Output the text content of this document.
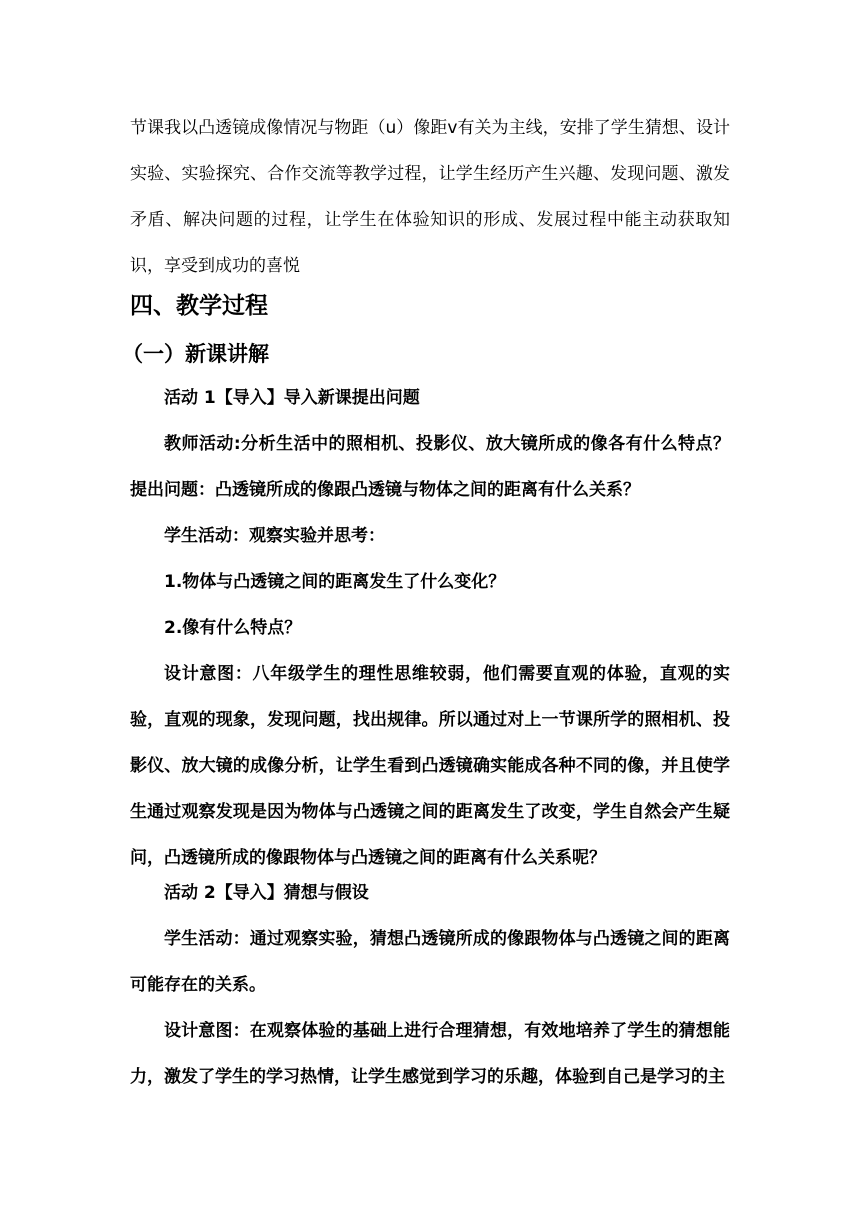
节课我以凸透镜成像情况与物距（u）像距v有关为主线，安排了学生猜想、设计实验、实验探究、合作交流等教学过程，让学生经历产生兴趣、发现问题、激发矛盾、解决问题的过程，让学生在体验知识的形成、发展过程中能主动获取知识，享受到成功的喜悦

四、教学过程
（一）新课讲解

活动 1【导入】导入新课提出问题

教师活动:分析生活中的照相机、投影仪、放大镜所成的像各有什么特点？提出问题：凸透镜所成的像跟凸透镜与物体之间的距离有什么关系？

学生活动：观察实验并思考：

1.物体与凸透镜之间的距离发生了什么变化？

2.像有什么特点？

设计意图：八年级学生的理性思维较弱，他们需要直观的体验，直观的实验，直观的现象，发现问题，找出规律。所以通过对上一节课所学的照相机、投影仪、放大镜的成像分析，让学生看到凸透镜确实能成各种不同的像，并且使学生通过观察发现是因为物体与凸透镜之间的距离发生了改变，学生自然会产生疑问，凸透镜所成的像跟物体与凸透镜之间的距离有什么关系呢？

活动 2【导入】猜想与假设

学生活动：通过观察实验，猜想凸透镜所成的像跟物体与凸透镜之间的距离可能存在的关系。

设计意图：在观察体验的基础上进行合理猜想，有效地培养了学生的猜想能力，激发了学生的学习热情，让学生感觉到学习的乐趣，体验到自己是学习的主
